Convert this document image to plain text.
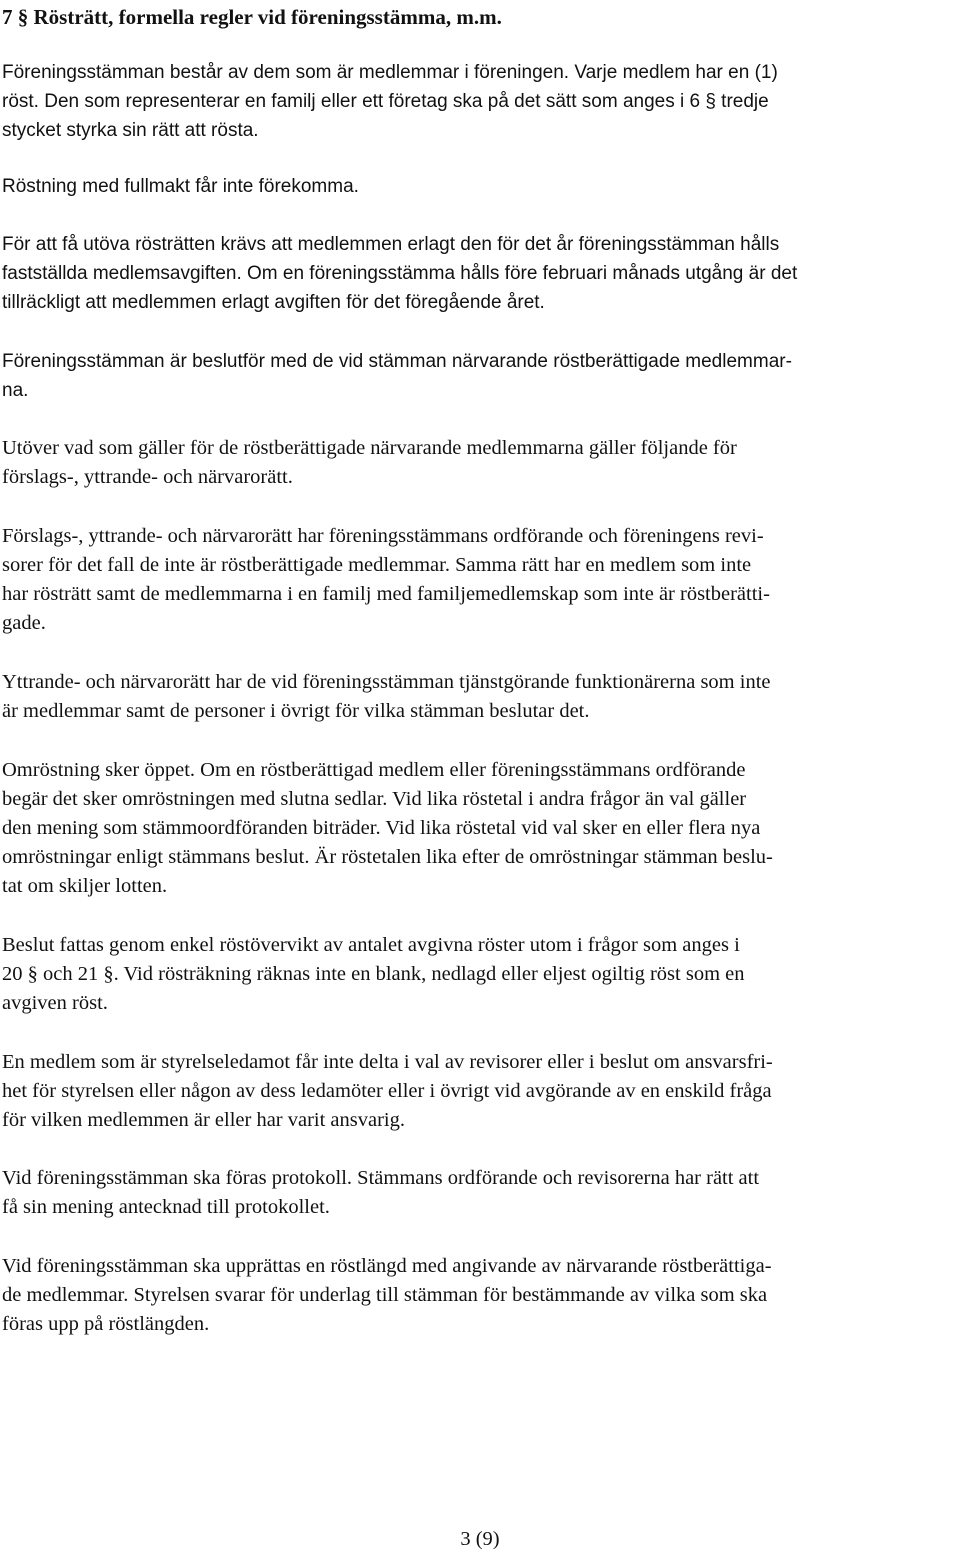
7 § Rösträtt, formella regler vid föreningsstämma, m.m.
Föreningsstämman består av dem som är medlemmar i föreningen. Varje medlem har en (1)
röst. Den som representerar en familj eller ett företag ska på det sätt som anges i 6 § tredje
stycket styrka sin rätt att rösta.
Röstning med fullmakt får inte förekomma.
För att få utöva rösträtten krävs att medlemmen erlagt den för det år föreningsstämman hålls
fastställda medlemsavgiften. Om en föreningsstämma hålls före februari månads utgång är det
tillräckligt att medlemmen erlagt avgiften för det föregående året.
Föreningsstämman är beslutför med de vid stämman närvarande röstberättigade medlemmar-
na.
Utöver vad som gäller för de röstberättigade närvarande medlemmarna gäller följande för
förslags-, yttrande- och närvarorätt.
Förslags-, yttrande- och närvarorätt har föreningsstämmans ordförande och föreningens revi-
sorer för det fall de inte är röstberättigade medlemmar. Samma rätt har en medlem som inte
har rösträtt samt de medlemmarna i en familj med familjemedlemskap som inte är röstberätti-
gade.
Yttrande- och närvarorätt har de vid föreningsstämman tjänstgörande funktionärerna som inte
är medlemmar samt de personer i övrigt för vilka stämman beslutar det.
Omröstning sker öppet. Om en röstberättigad medlem eller föreningsstämmans ordförande
begär det sker omröstningen med slutna sedlar. Vid lika röstetal i andra frågor än val gäller
den mening som stämmoordföranden biträder. Vid lika röstetal vid val sker en eller flera nya
omröstningar enligt stämmans beslut. Är röstetalen lika efter de omröstningar stämman beslu-
tat om skiljer lotten.
Beslut fattas genom enkel röstövervikt av antalet avgivna röster utom i frågor som anges i
20 § och 21 §. Vid rösträkning räknas inte en blank, nedlagd eller eljest ogiltig röst som en
avgiven röst.
En medlem som är styrelseledamot får inte delta i val av revisorer eller i beslut om ansvarsfri-
het för styrelsen eller någon av dess ledamöter eller i övrigt vid avgörande av en enskild fråga
för vilken medlemmen är eller har varit ansvarig.
Vid föreningsstämman ska föras protokoll. Stämmans ordförande och revisorerna har rätt att
få sin mening antecknad till protokollet.
Vid föreningsstämman ska upprättas en röstlängd med angivande av närvarande röstberättiga-
de medlemmar. Styrelsen svarar för underlag till stämman för bestämmande av vilka som ska
föras upp på röstlängden.

3 (9)
